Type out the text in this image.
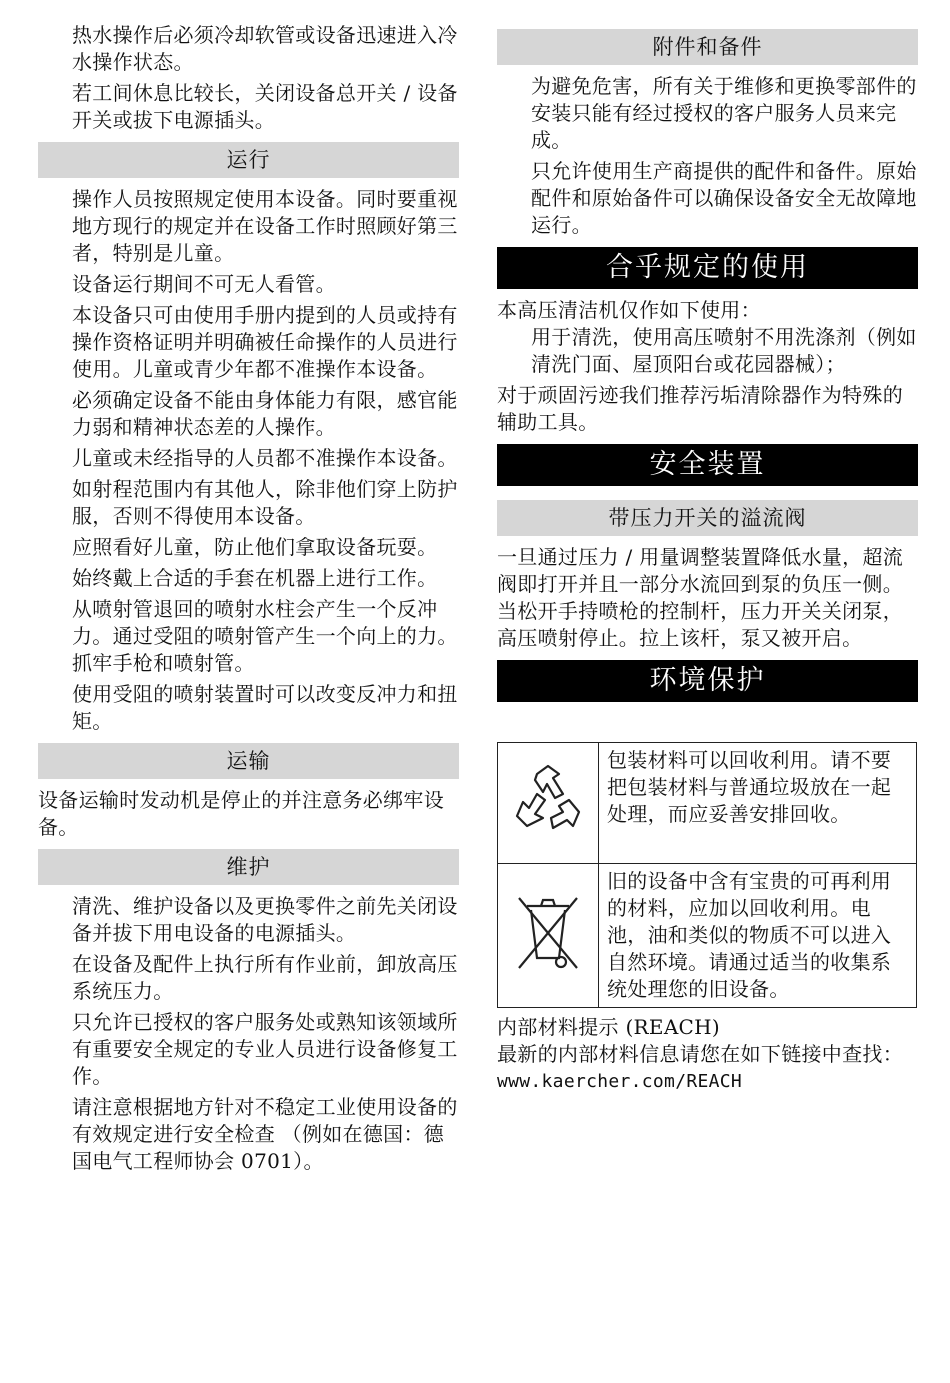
热水操作后必须冷却软管或设备迅速进入冷水操作状态。

若工间休息比较长，关闭设备总开关 / 设备开关或拔下电源插头。

运行

操作人员按照规定使用本设备。同时要重视地方现行的规定并在设备工作时照顾好第三者，特别是儿童。

设备运行期间不可无人看管。

本设备只可由使用手册内提到的人员或持有操作资格证明并明确被任命操作的人员进行使用。儿童或青少年都不准操作本设备。

必须确定设备不能由身体能力有限，感官能力弱和精神状态差的人操作。

儿童或未经指导的人员都不准操作本设备。

如射程范围内有其他人，除非他们穿上防护服，否则不得使用本设备。

应照看好儿童，防止他们拿取设备玩耍。

始终戴上合适的手套在机器上进行工作。

从喷射管退回的喷射水柱会产生一个反冲力。通过受阻的喷射管产生一个向上的力。抓牢手枪和喷射管。

使用受阻的喷射装置时可以改变反冲力和扭矩。

运输

设备运输时发动机是停止的并注意务必绑牢设备。

维护

清洗、维护设备以及更换零件之前先关闭设备并拔下用电设备的电源插头。

在设备及配件上执行所有作业前，卸放高压系统压力。

只允许已授权的客户服务处或熟知该领域所有重要安全规定的专业人员进行设备修复工作。

请注意根据地方针对不稳定工业使用设备的有效规定进行安全检查 （例如在德国：德国电气工程师协会 0701）。

附件和备件

为避免危害，所有关于维修和更换零部件的安装只能有经过授权的客户服务人员来完成。

只允许使用生产商提供的配件和备件。原始配件和原始备件可以确保设备安全无故障地运行。

合乎规定的使用

本高压清洁机仅作如下使用：

用于清洗，使用高压喷射不用洗涤剂（例如清洗门面、屋顶阳台或花园器械）；

对于顽固污迹我们推荐污垢清除器作为特殊的辅助工具。

安全装置
带压力开关的溢流阀

一旦通过压力 / 用量调整装置降低水量，超流阀即打开并且一部分水流回到泵的负压一侧。

当松开手持喷枪的控制杆，压力开关关闭泵，高压喷射停止。拉上该杆，泵又被开启。

环境保护
	包装材料可以回收利用。请不要把包装材料与普通垃圾放在一起处理，而应妥善安排回收。
	旧的设备中含有宝贵的可再利用的材料，应加以回收利用。电池，油和类似的物质不可以进入自然环境。请通过适当的收集系统处理您的旧设备。

内部材料提示 (REACH)

最新的内部材料信息请您在如下链接中查找：

www.kaercher.com/REACH
